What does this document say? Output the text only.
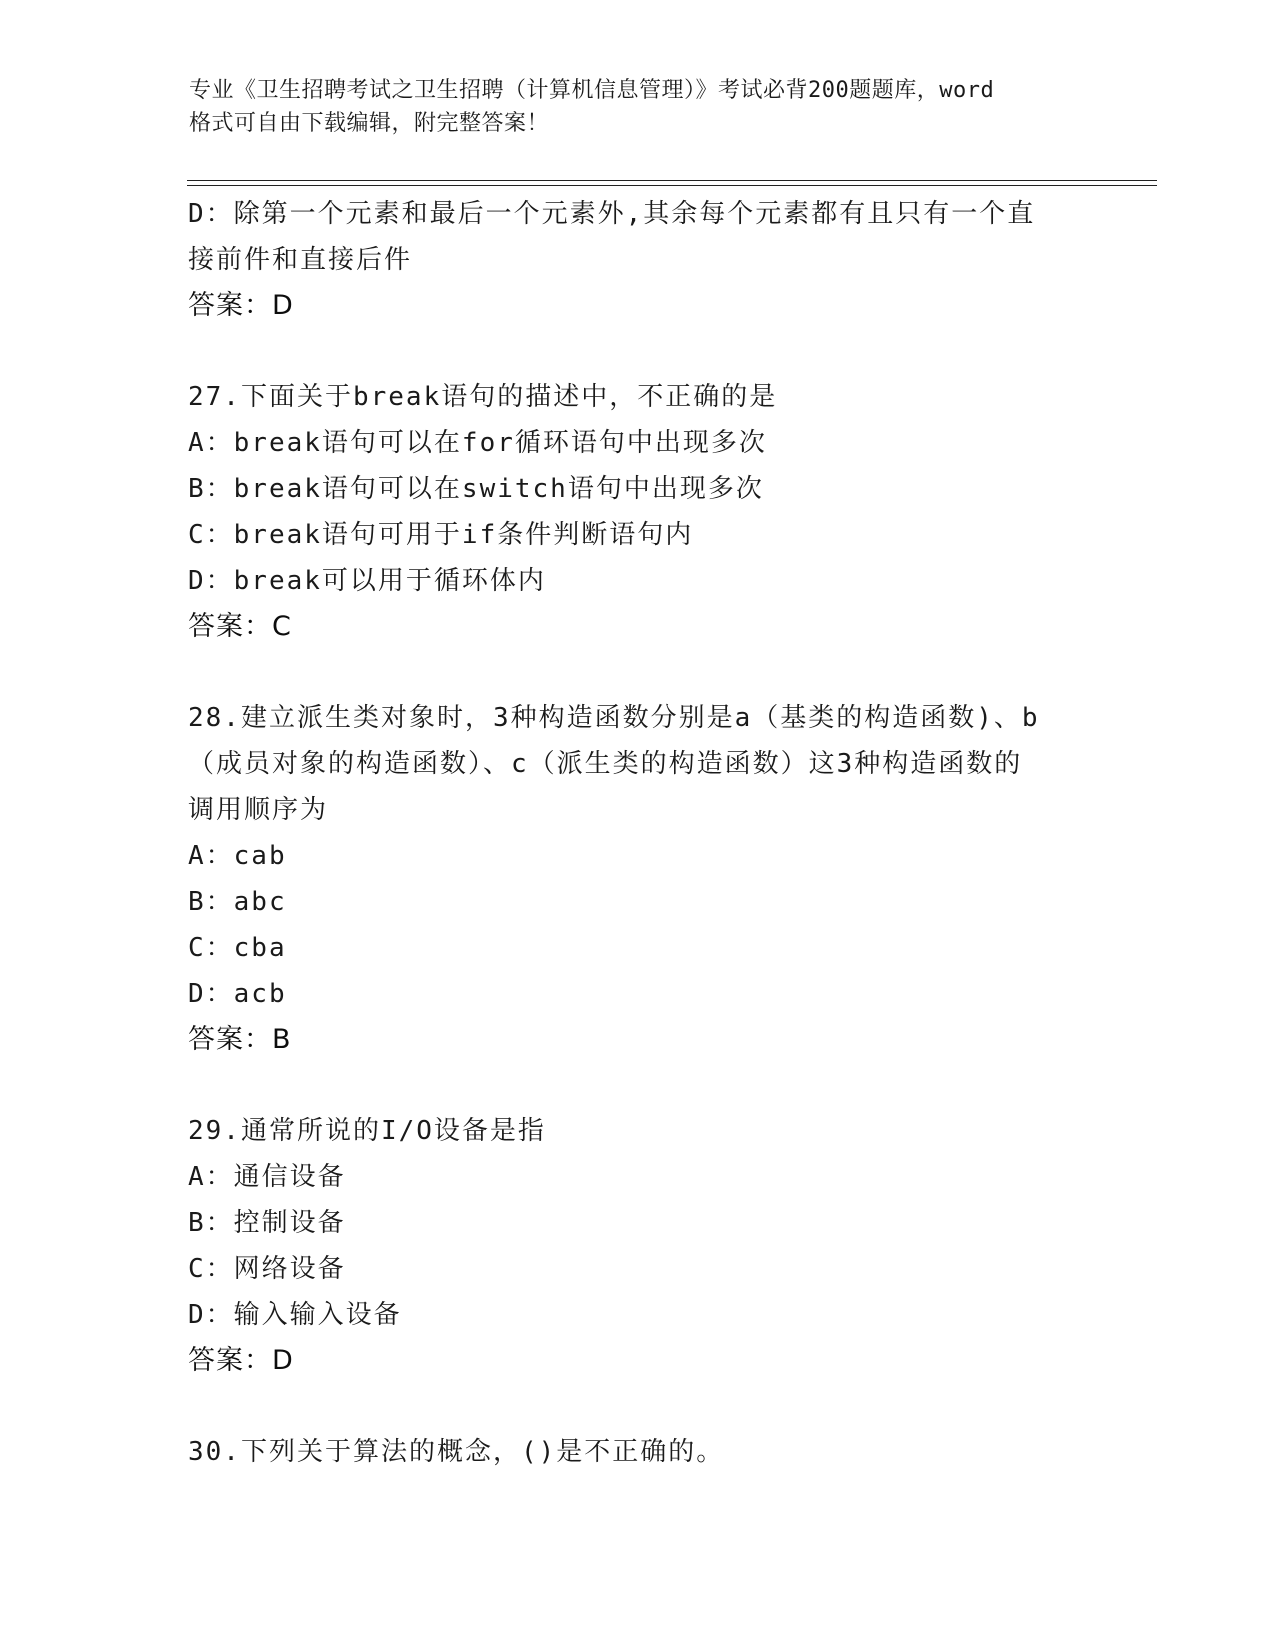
专业《卫生招聘考试之卫生招聘（计算机信息管理）》考试必背200题题库，word
格式可自由下载编辑，附完整答案！
D：除第一个元素和最后一个元素外,其余每个元素都有且只有一个直
接前件和直接后件
答案：D
27.下面关于break语句的描述中，不正确的是
A：break语句可以在for循环语句中出现多次
B：break语句可以在switch语句中出现多次
C：break语句可用于if条件判断语句内
D：break可以用于循环体内
答案：C
28.建立派生类对象时，3种构造函数分别是a（基类的构造函数)、b
（成员对象的构造函数）、c（派生类的构造函数）这3种构造函数的
调用顺序为
A：cab
B：abc
C：cba
D：acb
答案：B
29.通常所说的I/O设备是指
A：通信设备
B：控制设备
C：网络设备
D：输入输入设备
答案：D
30.下列关于算法的概念，()是不正确的。
